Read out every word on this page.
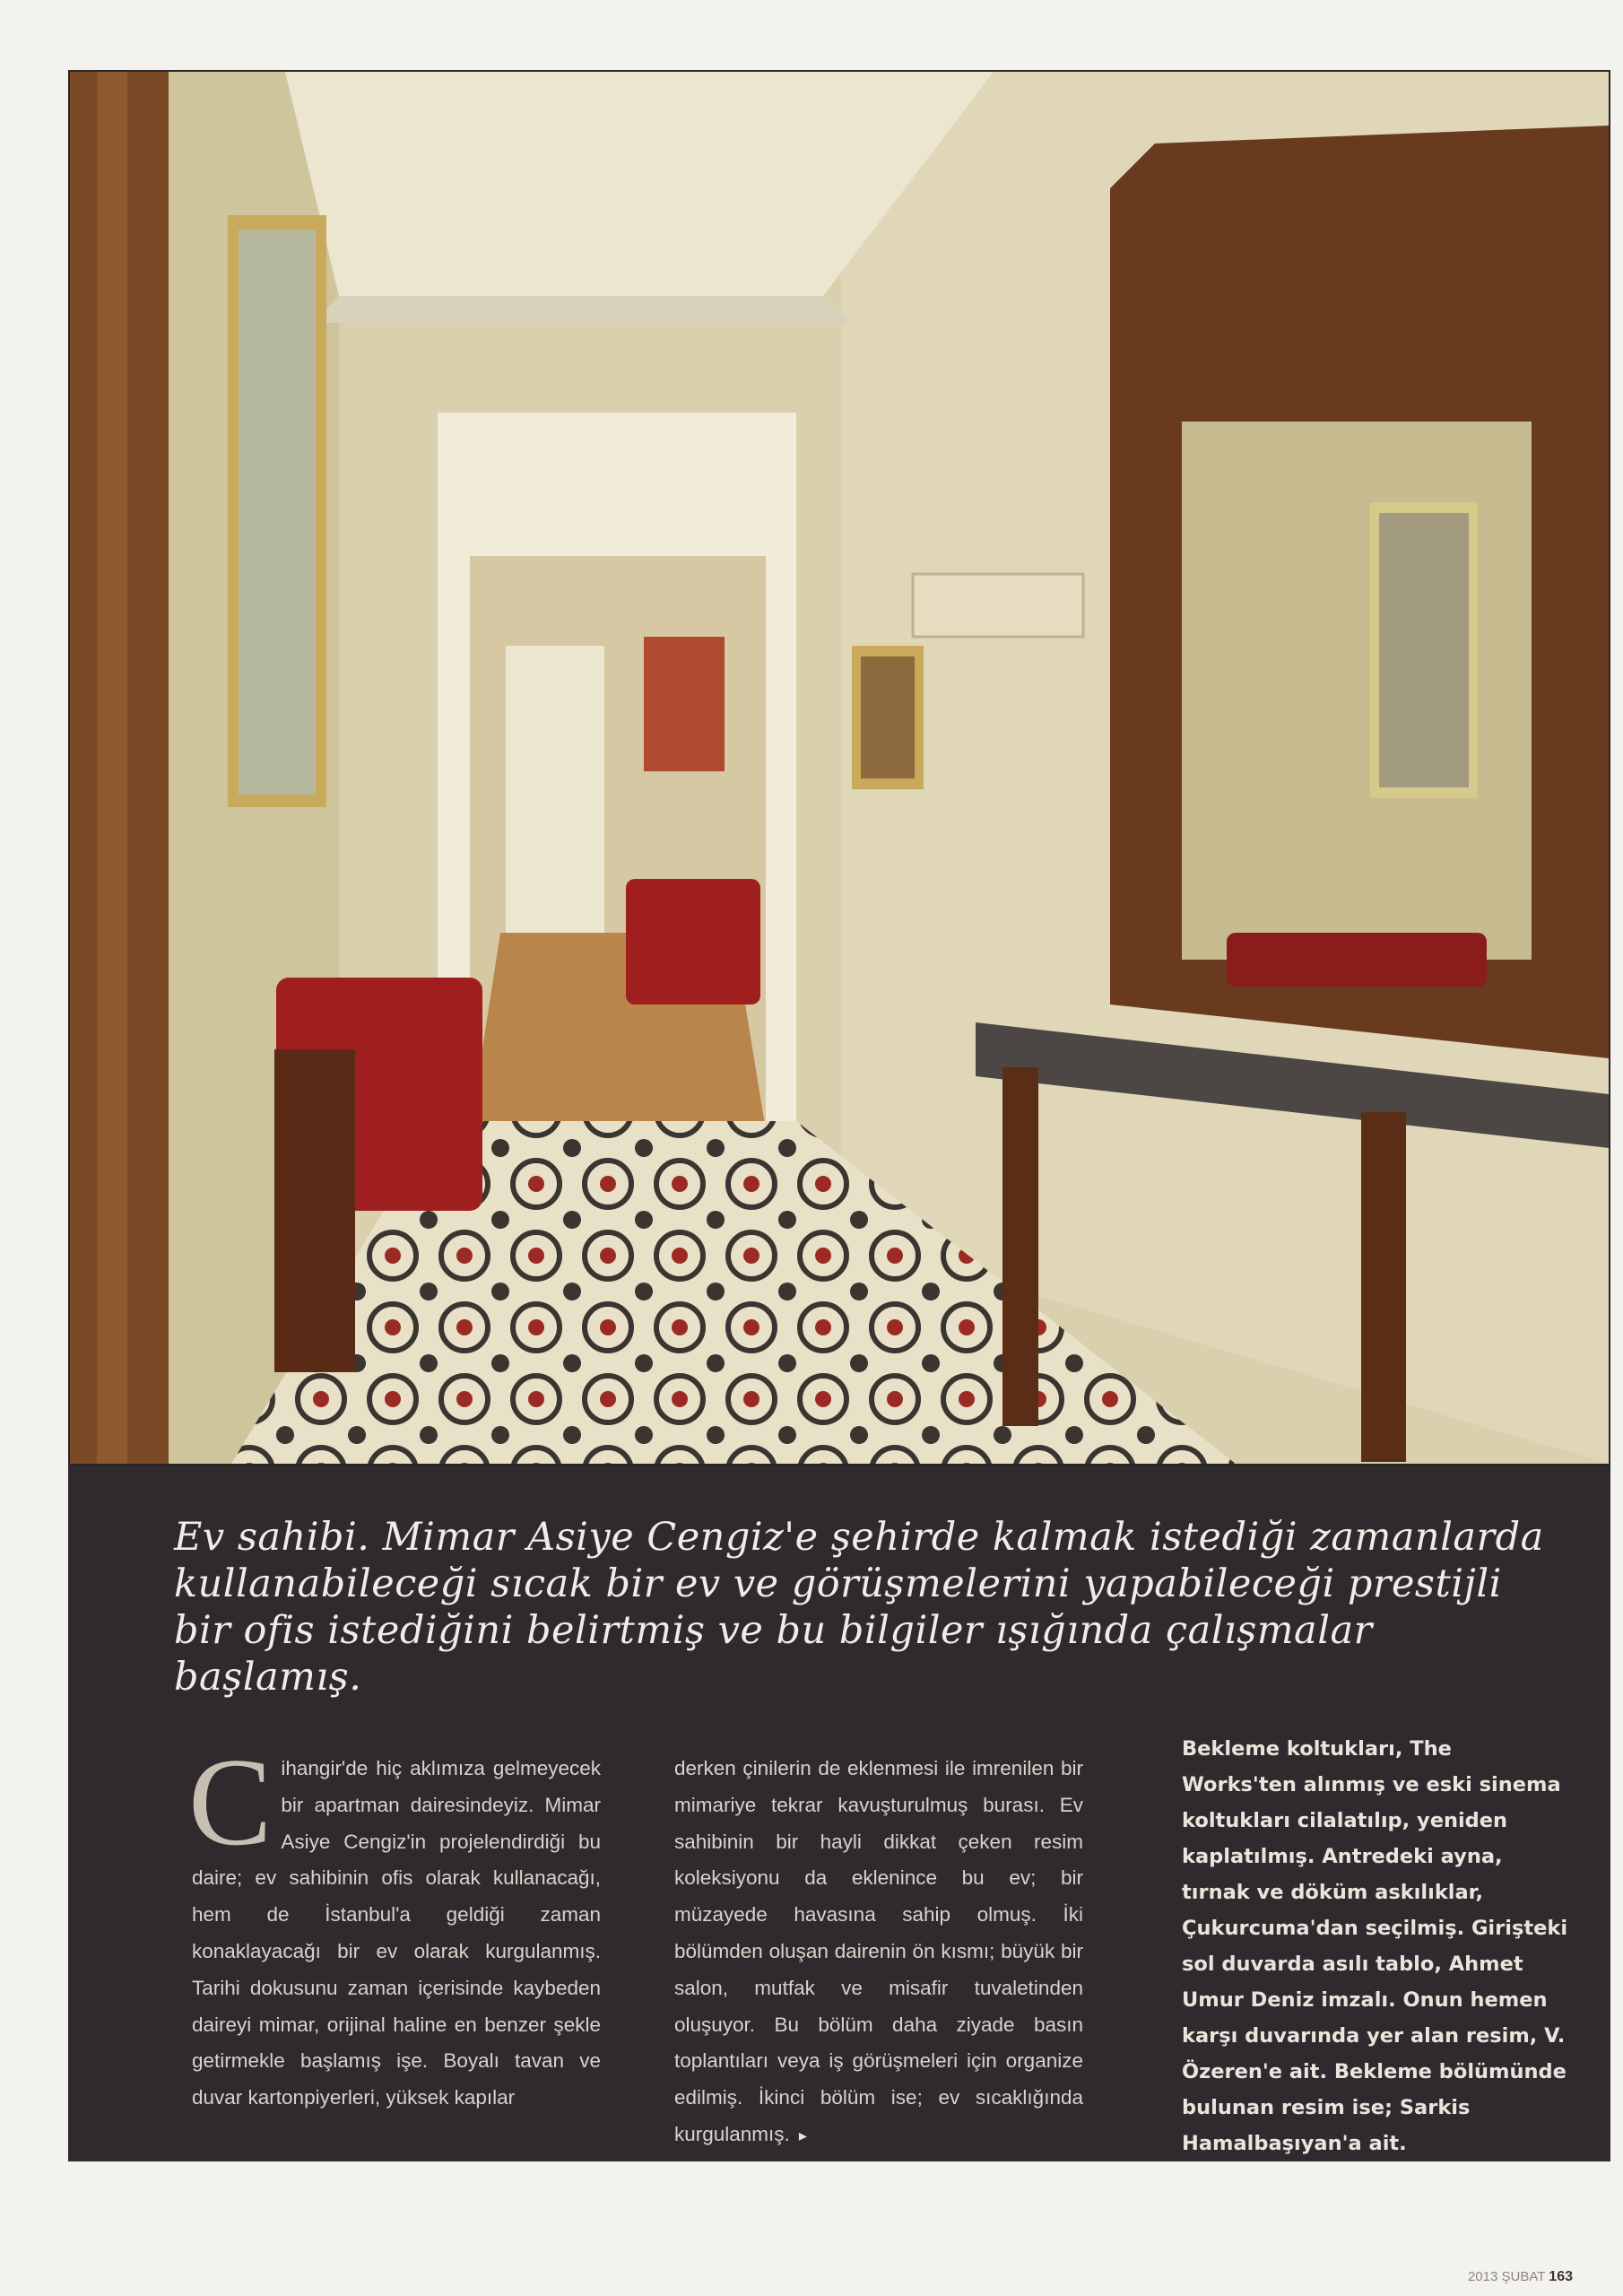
Ev sahibi. Mimar Asiye Cengiz'e şehirde kalmak istediği zamanlarda kullanabileceği sıcak bir ev ve görüşmelerini yapabileceği prestijli bir ofis istediğini belirtmiş ve bu bilgiler ışığında çalışmalar başlamış.

Cihangir'de hiç aklımıza gelmeyecek bir apartman dairesindeyiz. Mimar Asiye Cengiz'in projelendirdiği bu daire; ev sahibinin ofis olarak kullanacağı, hem de İstanbul'a geldiği zaman konaklayacağı bir ev olarak kurgulanmış. Tarihi dokusunu zaman içerisinde kaybeden daireyi mimar, orijinal haline en benzer şekle getirmekle başlamış işe. Boyalı tavan ve duvar kartonpiyerleri, yüksek kapılar

derken çinilerin de eklenmesi ile imrenilen bir mimariye tekrar kavuşturulmuş burası. Ev sahibinin bir hayli dikkat çeken resim koleksiyonu da eklenince bu ev; bir müzayede havasına sahip olmuş. İki bölümden oluşan dairenin ön kısmı; büyük bir salon, mutfak ve misafir tuvaletinden oluşuyor. Bu bölüm daha ziyade basın toplantıları veya iş görüşmeleri için organize edilmiş. İkinci bölüm ise; ev sıcaklığında kurgulanmış. ▸

Bekleme koltukları, The Works'ten alınmış ve eski sinema koltukları cilalatılıp, yeniden kaplatılmış. Antredeki ayna, tırnak ve döküm askılıklar, Çukurcuma'dan seçilmiş. Girişteki sol duvarda asılı tablo, Ahmet Umur Deniz imzalı. Onun hemen karşı duvarında yer alan resim, V. Özeren'e ait. Bekleme bölümünde bulunan resim ise; Sarkis Hamalbaşıyan'a ait.

2013 ŞUBAT 163
